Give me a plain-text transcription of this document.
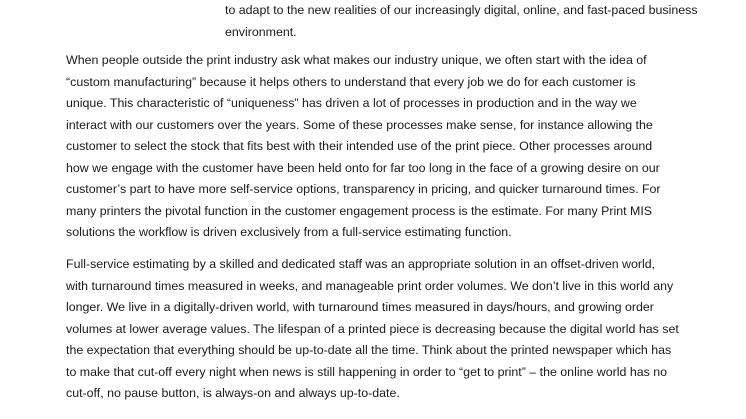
to adapt to the new realities of our increasingly digital, online, and fast-paced business
environment.
When people outside the print industry ask what makes our industry unique, we often start with the idea of
“custom manufacturing” because it helps others to understand that every job we do for each customer is
unique. This characteristic of “uniqueness” has driven a lot of processes in production and in the way we
interact with our customers over the years. Some of these processes make sense, for instance allowing the
customer to select the stock that fits best with their intended use of the print piece. Other processes around
how we engage with the customer have been held onto for far too long in the face of a growing desire on our
customer’s part to have more self-service options, transparency in pricing, and quicker turnaround times. For
many printers the pivotal function in the customer engagement process is the estimate. For many Print MIS
solutions the workflow is driven exclusively from a full-service estimating function.
Full-service estimating by a skilled and dedicated staff was an appropriate solution in an offset-driven world,
with turnaround times measured in weeks, and manageable print order volumes. We don’t live in this world any
longer. We live in a digitally-driven world, with turnaround times measured in days/hours, and growing order
volumes at lower average values. The lifespan of a printed piece is decreasing because the digital world has set
the expectation that everything should be up-to-date all the time. Think about the printed newspaper which has
to make that cut-off every night when news is still happening in order to “get to print” – the online world has no
cut-off, no pause button, is always-on and always up-to-date.
